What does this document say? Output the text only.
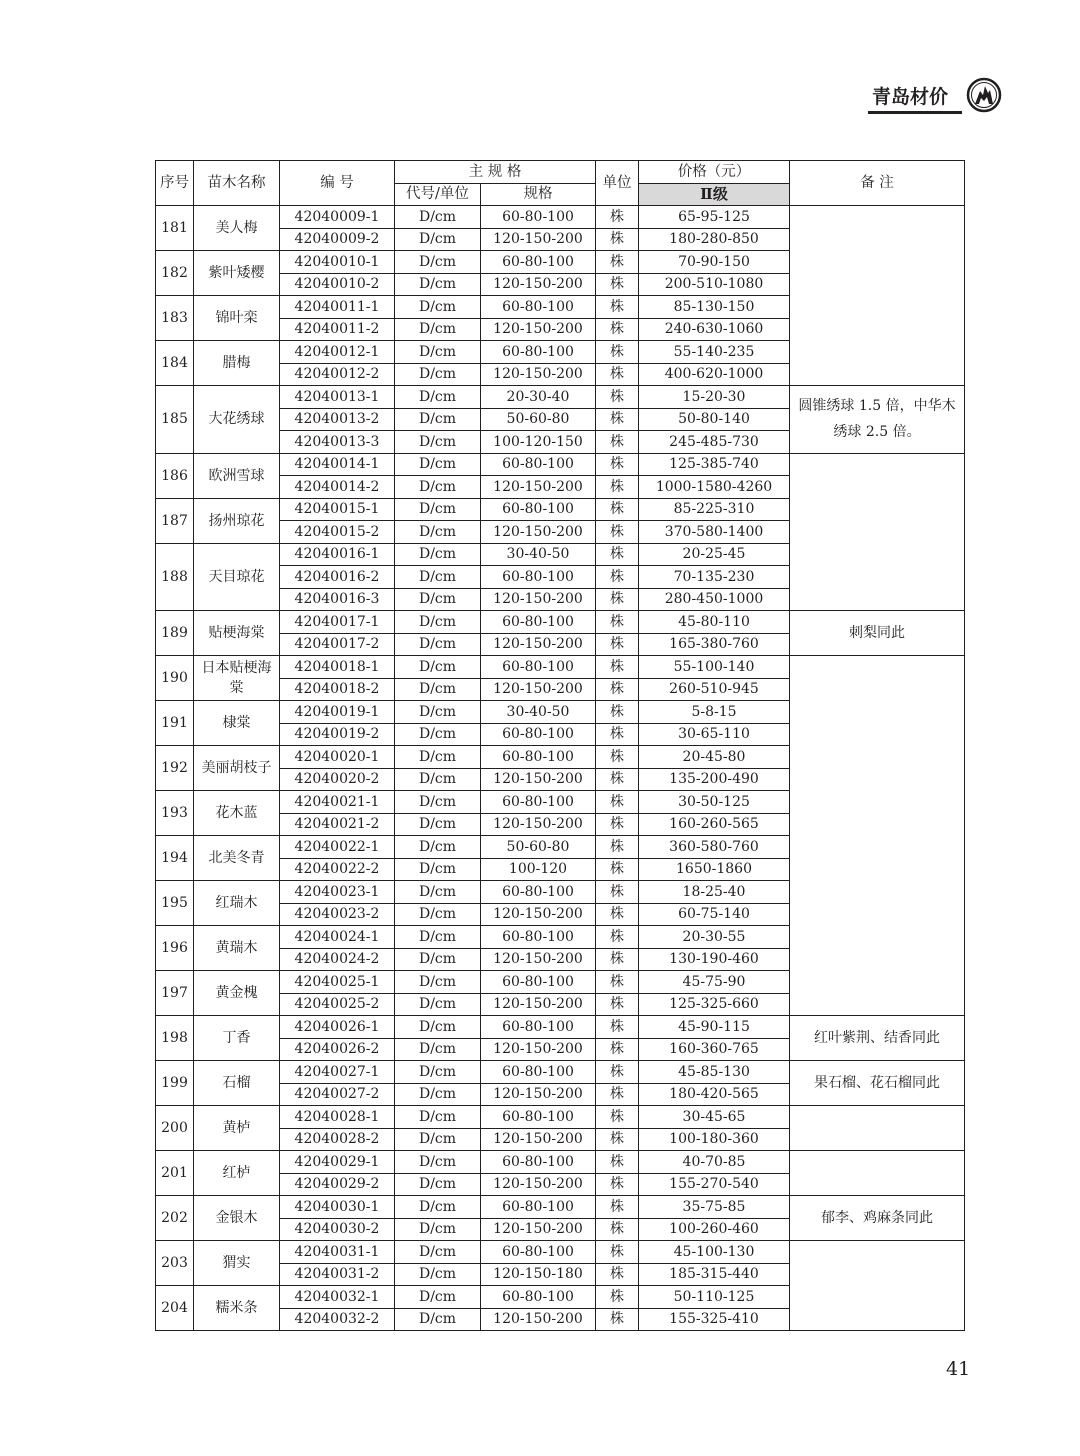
青岛材价
序号	苗木名称	编 号	主 规 格		单位	价格（元）	备 注
			代号/单位	规格		Ⅱ级	
181	美人梅	42040009-1	D/cm	60-80-100	株	65-95-125	
		42040009-2	D/cm	120-150-200	株	180-280-850	
182	紫叶矮樱	42040010-1	D/cm	60-80-100	株	70-90-150	
		42040010-2	D/cm	120-150-200	株	200-510-1080	
183	锦叶栾	42040011-1	D/cm	60-80-100	株	85-130-150	
		42040011-2	D/cm	120-150-200	株	240-630-1060	
184	腊梅	42040012-1	D/cm	60-80-100	株	55-140-235	
		42040012-2	D/cm	120-150-200	株	400-620-1000	
185	大花绣球	42040013-1	D/cm	20-30-40	株	15-20-30	圆锥绣球 1.5 倍，中华木绣球 2.5 倍。
		42040013-2	D/cm	50-60-80	株	50-80-140	
		42040013-3	D/cm	100-120-150	株	245-485-730	
186	欧洲雪球	42040014-1	D/cm	60-80-100	株	125-385-740	
		42040014-2	D/cm	120-150-200	株	1000-1580-4260	
187	扬州琼花	42040015-1	D/cm	60-80-100	株	85-225-310	
		42040015-2	D/cm	120-150-200	株	370-580-1400	
188	天目琼花	42040016-1	D/cm	30-40-50	株	20-25-45	
		42040016-2	D/cm	60-80-100	株	70-135-230	
		42040016-3	D/cm	120-150-200	株	280-450-1000	
189	贴梗海棠	42040017-1	D/cm	60-80-100	株	45-80-110	刺梨同此
		42040017-2	D/cm	120-150-200	株	165-380-760	
190	日本贴梗海棠	42040018-1	D/cm	60-80-100	株	55-100-140	
		42040018-2	D/cm	120-150-200	株	260-510-945	
191	棣棠	42040019-1	D/cm	30-40-50	株	5-8-15	
		42040019-2	D/cm	60-80-100	株	30-65-110	
192	美丽胡枝子	42040020-1	D/cm	60-80-100	株	20-45-80	
		42040020-2	D/cm	120-150-200	株	135-200-490	
193	花木蓝	42040021-1	D/cm	60-80-100	株	30-50-125	
		42040021-2	D/cm	120-150-200	株	160-260-565	
194	北美冬青	42040022-1	D/cm	50-60-80	株	360-580-760	
		42040022-2	D/cm	100-120	株	1650-1860	
195	红瑞木	42040023-1	D/cm	60-80-100	株	18-25-40	
		42040023-2	D/cm	120-150-200	株	60-75-140	
196	黄瑞木	42040024-1	D/cm	60-80-100	株	20-30-55	
		42040024-2	D/cm	120-150-200	株	130-190-460	
197	黄金槐	42040025-1	D/cm	60-80-100	株	45-75-90	
		42040025-2	D/cm	120-150-200	株	125-325-660	
198	丁香	42040026-1	D/cm	60-80-100	株	45-90-115	红叶紫荆、结香同此
		42040026-2	D/cm	120-150-200	株	160-360-765	
199	石榴	42040027-1	D/cm	60-80-100	株	45-85-130	果石榴、花石榴同此
		42040027-2	D/cm	120-150-200	株	180-420-565	
200	黄栌	42040028-1	D/cm	60-80-100	株	30-45-65	
		42040028-2	D/cm	120-150-200	株	100-180-360	
201	红栌	42040029-1	D/cm	60-80-100	株	40-70-85	
		42040029-2	D/cm	120-150-200	株	155-270-540	
202	金银木	42040030-1	D/cm	60-80-100	株	35-75-85	郁李、鸡麻条同此
		42040030-2	D/cm	120-150-200	株	100-260-460	
203	猬实	42040031-1	D/cm	60-80-100	株	45-100-130	
		42040031-2	D/cm	120-150-180	株	185-315-440	
204	糯米条	42040032-1	D/cm	60-80-100	株	50-110-125	
		42040032-2	D/cm	120-150-200	株	155-325-410	
41
